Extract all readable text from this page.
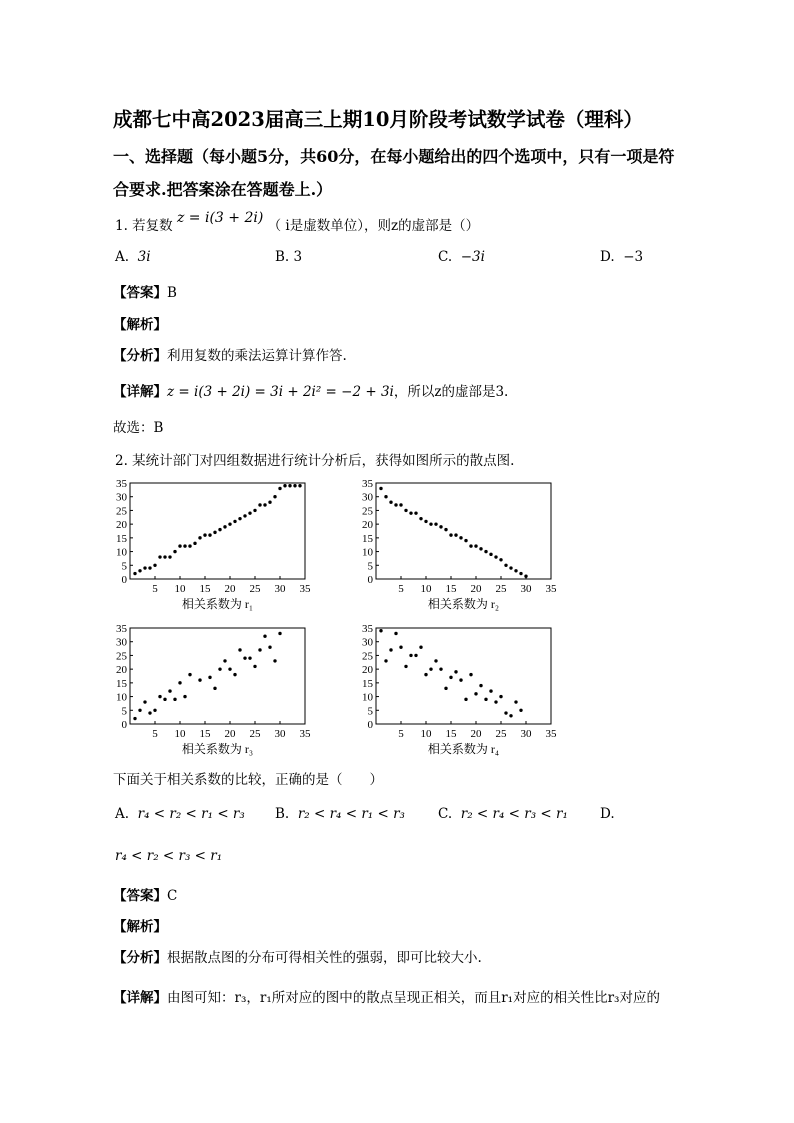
成都七中高2023届高三上期10月阶段考试数学试卷（理科）
一、选择题（每小题5分，共60分，在每小题给出的四个选项中，只有一项是符
合要求.把答案涂在答题卷上.）
1. 若复数 z = i(3 + 2i) （ i是虚数单位），则z的虚部是（）
A. 3i	B. 3	C. −3i	D. −3
【答案】B
【解析】
【分析】利用复数的乘法运算计算作答.
【详解】z = i(3 + 2i) = 3i + 2i² = −2 + 3i，所以z的虚部是3.
故选：B
2. 某统计部门对四组数据进行统计分析后，获得如图所示的散点图.
0
5
10
15
20
25
30
35
5 10 15 20 25 30 35
相关系数为 r₁
0
5
10
15
20
25
30
35
5 10 15 20 25 30 35
相关系数为 r₂
0
5
10
15
20
25
30
35
5 10 15 20 25 30 35
相关系数为 r₃
0
5
10
15
20
25
30
35
5 10 15 20 25 30 35
相关系数为 r₄
下面关于相关系数的比较，正确的是（　　）
A. r₄ < r₂ < r₁ < r₃ B. r₂ < r₄ < r₁ < r₃ C. r₂ < r₄ < r₃ < r₁ D.
r₄ < r₂ < r₃ < r₁
【答案】C
【解析】
【分析】根据散点图的分布可得相关性的强弱，即可比较大小.
【详解】由图可知：r₃，r₁所对应的图中的散点呈现正相关，而且r₁对应的相关性比r₃对应的
